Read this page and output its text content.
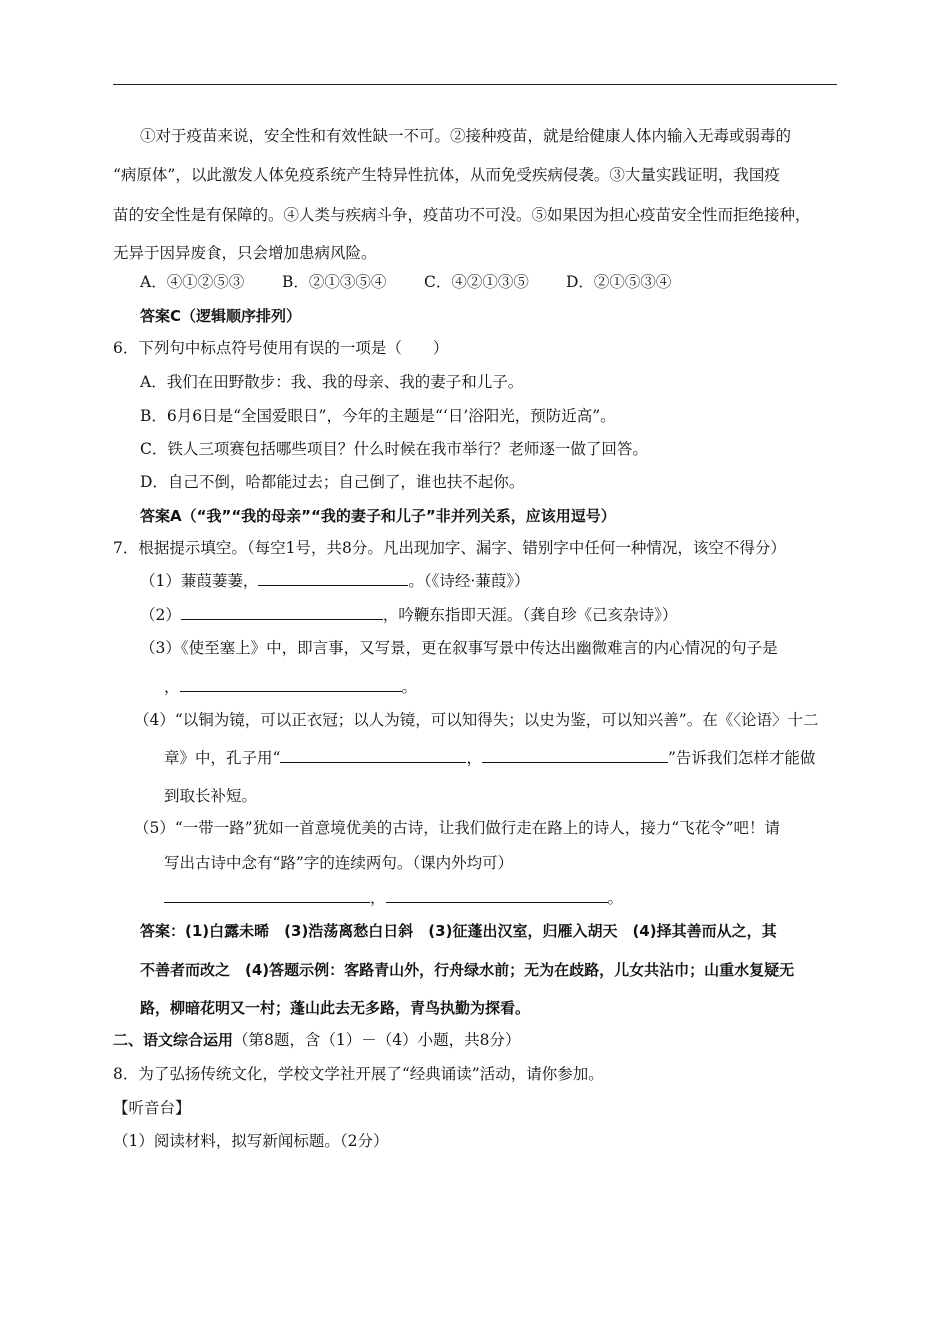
①对于疫苗来说，安全性和有效性缺一不可。②接种疫苗，就是给健康人体内输入无毒或弱毒的
“病原体”，以此激发人体免疫系统产生特异性抗体，从而免受疾病侵袭。③大量实践证明，我国疫
苗的安全性是有保障的。④人类与疾病斗争，疫苗功不可没。⑤如果因为担心疫苗安全性而拒绝接种，
无异于因异废食，只会增加患病风险。
A．④①②⑤③ B．②①③⑤④ C．④②①③⑤ D．②①⑤③④
答案C（逻辑顺序排列）
6．下列句中标点符号使用有误的一项是（　　）
A．我们在田野散步：我、我的母亲、我的妻子和儿子。
B．6月6日是“全国爱眼日”，今年的主题是“‘日’浴阳光，预防近高”。
C．铁人三项赛包括哪些项目？什么时候在我市举行？老师逐一做了回答。
D．自己不倒，哈都能过去；自己倒了，谁也扶不起你。
答案A（“我”“我的母亲”“我的妻子和儿子”非并列关系，应该用逗号）
7．根据提示填空。（每空1号，共8分。凡出现加字、漏字、错别字中任何一种情况，该空不得分）
（1）蒹葭萋萋，	。（《诗经·蒹葭》）
（2）	，吟鞭东指即天涯。（龚自珍《己亥杂诗》）
（3）《使至塞上》中，即言事，又写景，更在叙事写景中传达出幽微难言的内心情况的句子是
，	。
（4）“以铜为镜，可以正衣冠；以人为镜，可以知得失；以史为鉴，可以知兴善”。在《〈论语〉十二
章》中，孔子用“	，	”告诉我们怎样才能做
到取长补短。
（5）“一带一路”犹如一首意境优美的古诗，让我们做行走在路上的诗人，接力“飞花令”吧！请
写出古诗中念有“路”字的连续两句。（课内外均可）
，	。
答案：(1)白露未晞　(3)浩荡离愁白日斜　(3)征蓬出汉室，归雁入胡天　(4)择其善而从之，其
不善者而改之　(4)答题示例：客路青山外，行舟绿水前；无为在歧路，儿女共沾巾；山重水复疑无
路，柳暗花明又一村；蓬山此去无多路，青鸟执勤为探看。
二、语文综合运用（第8题，含（1）－（4）小题，共8分）
8．为了弘扬传统文化，学校文学社开展了“经典诵读”活动，请你参加。
【听音台】
（1）阅读材料，拟写新闻标题。（2分）
